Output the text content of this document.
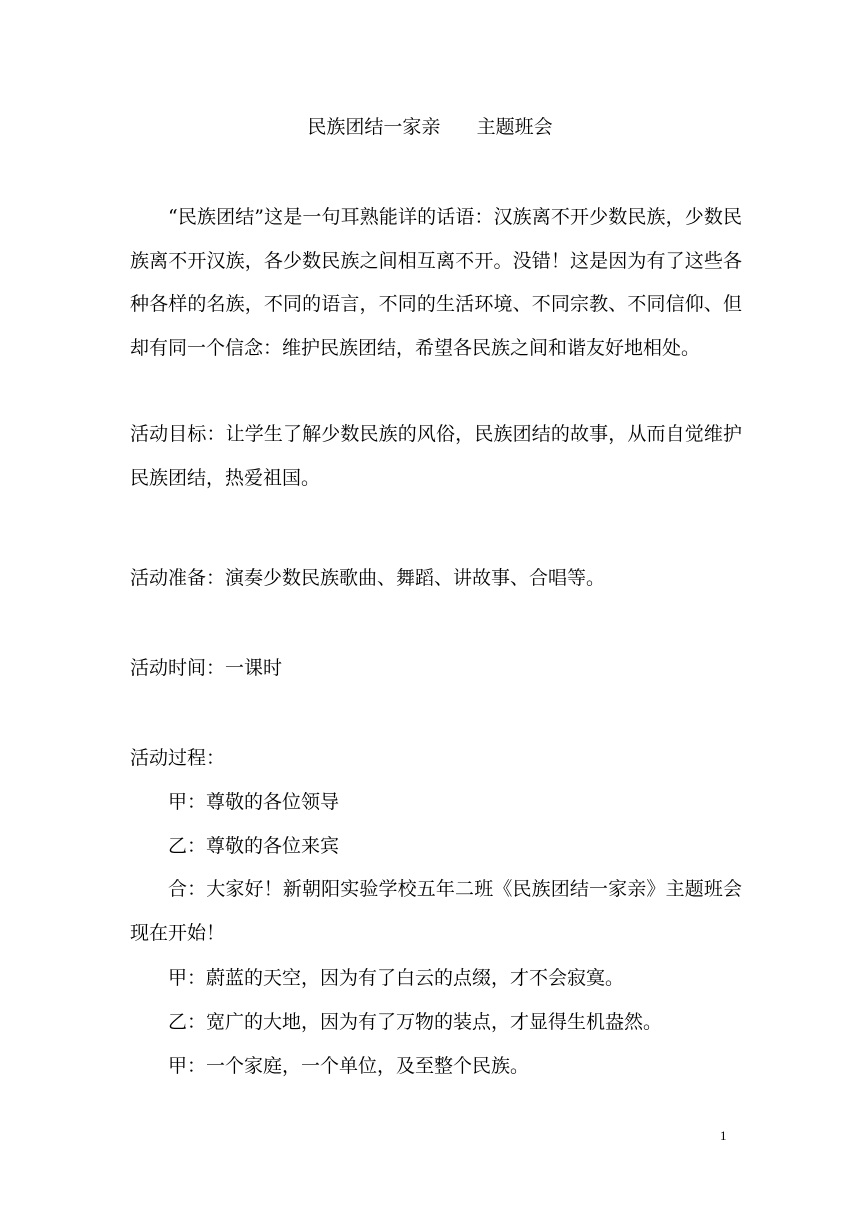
民族团结一家亲      主题班会
“民族团结”这是一句耳熟能详的话语：汉族离不开少数民族，少数民族离不开汉族，各少数民族之间相互离不开。没错！这是因为有了这些各种各样的名族，不同的语言，不同的生活环境、不同宗教、不同信仰、但却有同一个信念：维护民族团结，希望各民族之间和谐友好地相处。
活动目标：让学生了解少数民族的风俗，民族团结的故事，从而自觉维护民族团结，热爱祖国。
活动准备：演奏少数民族歌曲、舞蹈、讲故事、合唱等。
活动时间：一课时
活动过程：
甲：尊敬的各位领导
乙：尊敬的各位来宾
合：大家好！新朝阳实验学校五年二班《民族团结一家亲》主题班会现在开始！
甲：蔚蓝的天空，因为有了白云的点缀，才不会寂寞。
乙：宽广的大地，因为有了万物的装点，才显得生机盎然。
甲：一个家庭，一个单位，及至整个民族。
1
